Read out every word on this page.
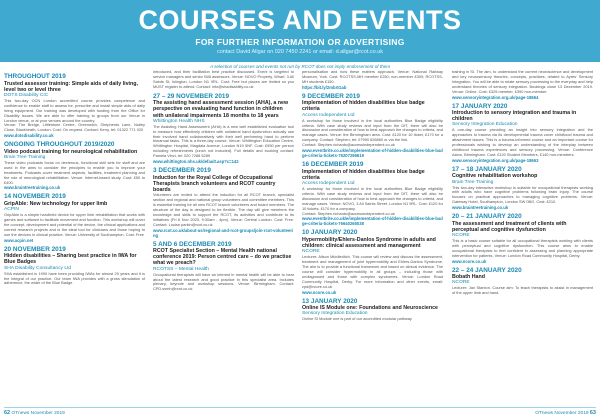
COURSES AND EVENTS
FOR FURTHER INFORMATION OR ADVERTISING
contact David Allgar on 020 7450 2241 or email: d.allgar@rcot.co.uk
A selection of courses and events not run by RCOT does not imply endorsement of them
THROUGHOUT 2019
Trusted assessor training: Simple aids of daily living, level two or level three
DOTS Disability CIC
This two-day OCN London accredited course provides competence and confidence to enable staff to assess for, prescribe and install simple aids of daily living equipment. Our training was developed with funding from the Office for Disability Issues. We are able to offer training to groups from our Venue in London venue, or at your venues around the country.
Venue: The Bridge, Littlestone Centre, Greenwich, Shepherds Lane, Nutley Close, Blackheath, London. Cost: On request. Contact: Kerry, tel: 01322 771 020
www.dotsdisability.co.uk
ONGOING THROUGHOUT 2019/2020
Video podcast training for neurological rehabilitation
Brain Tree Training
These video podcasts focus on dexterous, functional skill sets for staff and are used in the aims to consider the principles to enable you to improve your treatments. Podcasts cover treatment aspects, facilities, treatment planning and the role of neurological rehabilitation. Venue: Internet-based study. Cost: £50 to £400.
www.braintreetraining.co.uk
14 NOVEMBER 2019
GripAble: New technology for upper limb
ACPIN
GripAble is a simple handheld device for upper limb rehabilitation that works with games and software to facilitate movement and function. This workshop will cover the concept, development and potential of the device, the clinical applications and current research projects and is the ideal tool for clinicians and those hoping to use the devices in clinical practice. Venue: University of Southampton. Cost: Free
www.acpin.net
20 NOVEMBER 2019
Hidden disabilities – Sharing best practice in IWA for Blue Badges
SHA Disability Consultancy Ltd
SHA established in 1990 have been providing IWAs for almost 20 years and it is the integral of our practice. Our team IWA provides with a gross stimulation of adherence, the wider of the Blue Badge.
introduced, and their facilitation best practice discussed. Event is targeted to service managers and senior IWA assessors. Venue: NOVO Property, Wharf, 3 All Saints St, Islington, London N1 9RL. Cost: Free but places are limited so you MUST register to attend. Contact: info@shadisability.co.uk
27 – 29 NOVEMBER 2019
The assisting hand assessment session (AHA), a new perspective on evaluating hand function in children with unilateral impairments 18 months to 18 years
Whittington Health NHS
The Assisting Hand Assessment (AHA) is a new well established evaluation tool to measure how effectively children with unilateral hand dysfunction actually use their involved hand collaboratively with their well performing hand to perform bimanual tasks. This is a three-day course. Venue: Whittington Education Centre, Whittington Hospital, Magdala Avenue, London N19 5NF. Cost: £950 per person including refreshments (lunch not included). Full details and booking contact: Pamela Vinci, tel: 020 7288 5289
www.whittington.nhs.uk/default.asp?c=142
3 DECEMBER 2019
Induction for the Royal College of Occupational Therapists branch volunteers and RCOT country boards
Volunteers are invited to attend the induction for all RCOT branch, specialist section and regional and national group volunteers and committee members. This is essential training for all new RCOT branch volunteers and board members. The structure of the day is designed to be flexible. The day will give members the knowledge and skills to support the RCOT, its activities and contribute to its initiatives (Fri 6 Nov 2020, 9:30am - 4pm). Venue: Central London. Cost: Free. Contact: Louise.parkin@rcot.co.uk
www.rcot.co.uk/about-us/regional-and-rcot-groups/join-rcot-volunteering
5 AND 6 DECEMBER 2019
RCOT Specialist Section – Mental Health national conference 2019: Person centred care – do we practise what we preach?
RCOTSS – Mental Health
Occupational therapists will have an interest in mental health will be able to hear about the latest research and good practice in this specialist area. Includes plenary, keynote and workshop sessions. Venue: Birmingham. Contact: CPD.ssmh@rcot.co.uk
personalisation and how these matters approach. Venue: National Railway Museum, York. Cost: RCOTSS-MH member £250; non-member £300; RCOTSS-MH students £150.
https://bit.ly/2mbXGab
9 DECEMBER 2019
Implementation of hidden disabilities blue badge criteria
Access Independent Ltd
A workshop for those involved in the local authorities Blue Badge eligibility criteria. With case study reviews and input from the DfT, there will also be discussion and consideration of how to best approach the changes to criteria, and manage cases. Venue: the Birmingham area. Cost: £120 for 10 ticket, £170 for a company. Contact: Stephen, tel: 07990 626860 or via the link.
Contact: Stephen.richards@accessindependent.co.uk
www.eventbrite.co.uk/e/implementation-of-hidden-disabilities-blue-badge-criteria-tickets-76207296619
16 DECEMBER 2019
Implementation of hidden disabilities blue badge criteria
Access Independent Ltd
A workshop for those involved in the local authorities Blue Badge eligibility criteria. With case study reviews and input from the DfT, there will also be discussion and consideration of how to best approach the changes to criteria, and manage cases. Venue: NOVO, 3 All Saints Street, London N1 9RL. Cost: £120 for 10 tickets, £170 for a company.
Contact: Stephen.richards@accessindependent.co.uk
www.eventbrite.co.uk/e/implementation-of-hidden-disabilities-blue-badge-criteria-tickets-76640265038
10 JANUARY 2020
Hypermobility/Ehlers-Danlos Syndrome in adults and children: clinical assessment and management
NCORE
Lecturer: Alison Middleditch. This course will review and discuss the assessment, treatment and management of joint hypermobility and Ehlers-Danlos Syndrome. The aim is to provide a functional framework and based on clinical evidence. The course will consider hypermobility in all groups – including those with undiagnosed and those with complex syndromes. Venue: London Road Community Hospital, Derby. For more information and other events, email: cpd@ncore.co.uk
www.ncore.co.uk
13 JANUARY 2020
Online IS Module one: Foundations and Neuroscience
Sensory Integration Education
Online SI Module one is part of our accredited modular pathway
training in SI. The aim, to understand the current neuroscience and development and key neurosensory theories, concepts, practices, related to Ayres' Sensory Integration. You will be able to relate sensory processing to the everyday and help understand theories of sensory integration. Bookings close 13 December 2019. Venue: Online. Cost: £325 member, £390 non-member.
www.sensoryintegration.org.uk/page-18664
17 JANUARY 2020
Introduction to sensory integration and trauma in children
Sensory Integration Education
A one-day course providing an insight into sensory integration and the approaches to trauma via its developmental trauma cover childhood trauma and attachment issues. This is a trauma-informed course and an important course for professionals wishing to develop an understanding of the interplay between childhood trauma experiences and sensory processing. Venue: Conference Aston, Birmingham. Cost: £120 Student Members, £140 non-members.
www.sensoryintegration.org.uk/page-18663
17 – 18 JANUARY 2020
Cognitive rehabilitation workshop
Brain Tree Training
This two-day interactive workshop is suitable for occupational therapists working with adults who have cognitive problems following brain injury. The course focuses on practical approaches to managing cognitive problems. Venue: Gateway Hotel, Southampton, London SW 0BG. Cost: £210.
www.braintreetraining.co.uk
20 – 21 JANUARY 2020
The assessment and treatment of clients with perceptual and cognitive dysfunction
NCORE
This is a basic course suitable for all occupational therapists working with clients with perceptual and cognitive dysfunction. This course aims to enable occupational therapists to feel confident in assessing and planning appropriate intervention for patients. Venue: London Road Community Hospital, Derby.
www.ncore.co.uk
22 – 24 JANUARY 2020
Bobath Hand
NCORE
Lecturer: Jan Stanton. Course aim: To teach therapists to assist in management of the upper limb and hand.
62 OTnews November 2019	OTnews November 2019 63
